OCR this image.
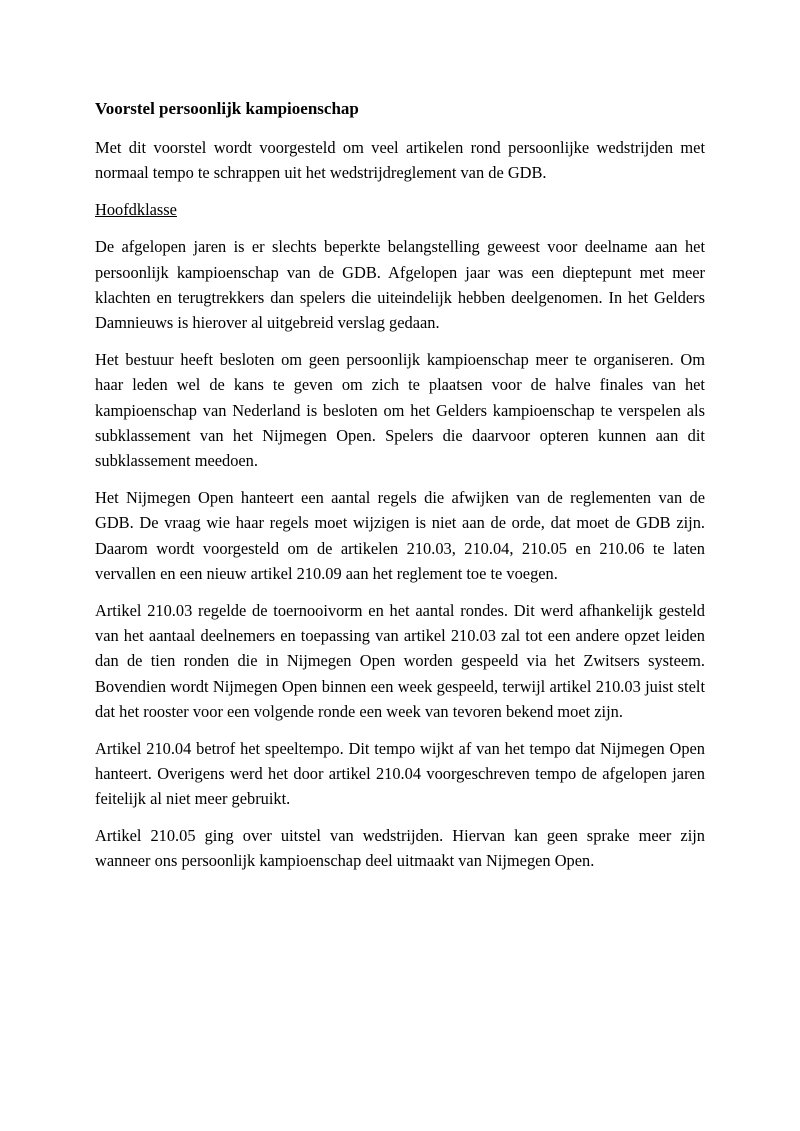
Voorstel persoonlijk kampioenschap

Met dit voorstel wordt voorgesteld om veel artikelen rond persoonlijke wedstrijden met normaal tempo te schrappen uit het wedstrijdreglement van de GDB.

Hoofdklasse

De afgelopen jaren is er slechts beperkte belangstelling geweest voor deelname aan het persoonlijk kampioenschap van de GDB. Afgelopen jaar was een dieptepunt met meer klachten en terugtrekkers dan spelers die uiteindelijk hebben deelgenomen. In het Gelders Damnieuws is hierover al uitgebreid verslag gedaan.

Het bestuur heeft besloten om geen persoonlijk kampioenschap meer te organiseren. Om haar leden wel de kans te geven om zich te plaatsen voor de halve finales van het kampioenschap van Nederland is besloten om het Gelders kampioenschap te verspelen als subklassement van het Nijmegen Open. Spelers die daarvoor opteren kunnen aan dit subklassement meedoen.

Het Nijmegen Open hanteert een aantal regels die afwijken van de reglementen van de GDB. De vraag wie haar regels moet wijzigen is niet aan de orde, dat moet de GDB zijn. Daarom wordt voorgesteld om de artikelen 210.03, 210.04, 210.05 en 210.06 te laten vervallen en een nieuw artikel 210.09 aan het reglement toe te voegen.

Artikel 210.03 regelde de toernooivorm en het aantal rondes. Dit werd afhankelijk gesteld van het aantaal deelnemers en toepassing van artikel 210.03 zal tot een andere opzet leiden dan de tien ronden die in Nijmegen Open worden gespeeld via het Zwitsers systeem. Bovendien wordt Nijmegen Open binnen een week gespeeld, terwijl artikel 210.03 juist stelt dat het rooster voor een volgende ronde een week van tevoren bekend moet zijn.

Artikel 210.04 betrof het speeltempo. Dit tempo wijkt af van het tempo dat Nijmegen Open hanteert. Overigens werd het door artikel 210.04 voorgeschreven tempo de afgelopen jaren feitelijk al niet meer gebruikt.

Artikel 210.05 ging over uitstel van wedstrijden. Hiervan kan geen sprake meer zijn wanneer ons persoonlijk kampioenschap deel uitmaakt van Nijmegen Open.
